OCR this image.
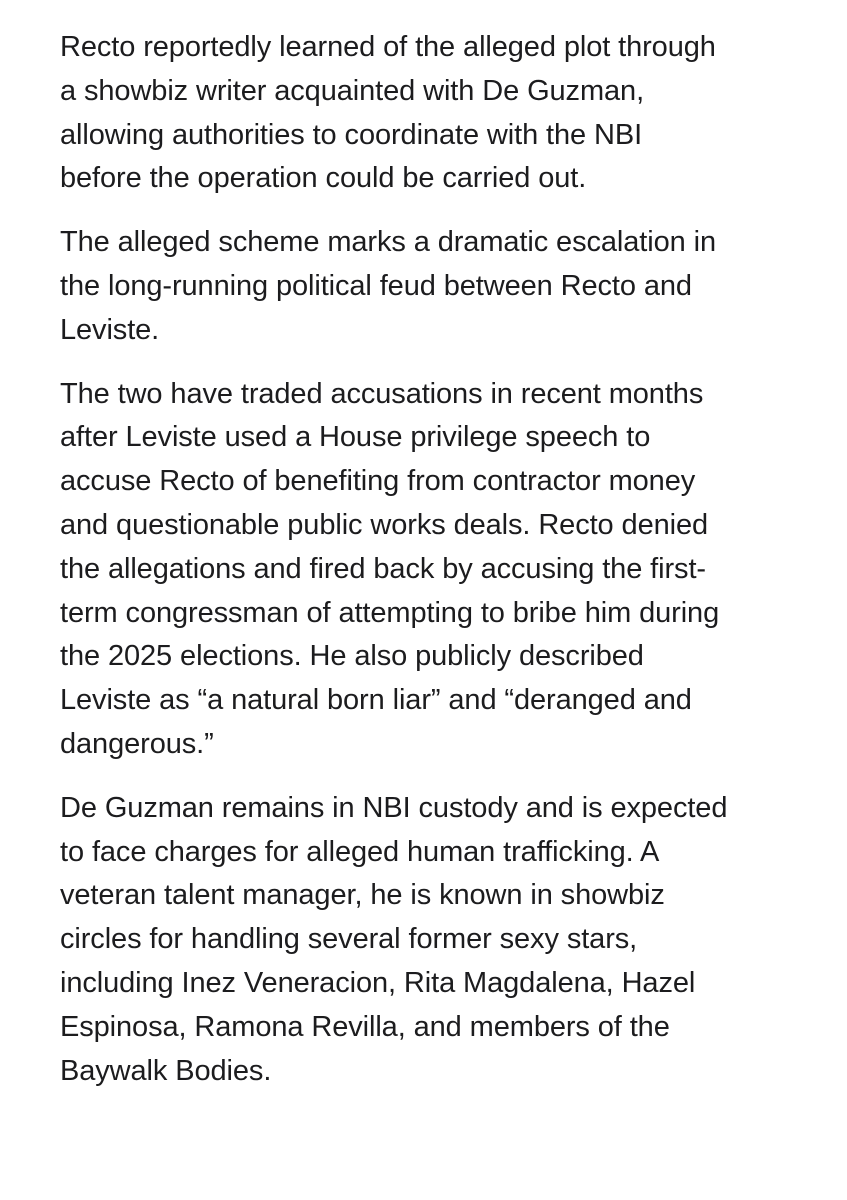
Recto reportedly learned of the alleged plot through
a showbiz writer acquainted with De Guzman,
allowing authorities to coordinate with the NBI
before the operation could be carried out.

The alleged scheme marks a dramatic escalation in
the long-running political feud between Recto and
Leviste.

The two have traded accusations in recent months
after Leviste used a House privilege speech to
accuse Recto of benefiting from contractor money
and questionable public works deals. Recto denied
the allegations and fired back by accusing the first-
term congressman of attempting to bribe him during
the 2025 elections. He also publicly described
Leviste as “a natural born liar” and “deranged and
dangerous.”

De Guzman remains in NBI custody and is expected
to face charges for alleged human trafficking. A
veteran talent manager, he is known in showbiz
circles for handling several former sexy stars,
including Inez Veneracion, Rita Magdalena, Hazel
Espinosa, Ramona Revilla, and members of the
Baywalk Bodies.
